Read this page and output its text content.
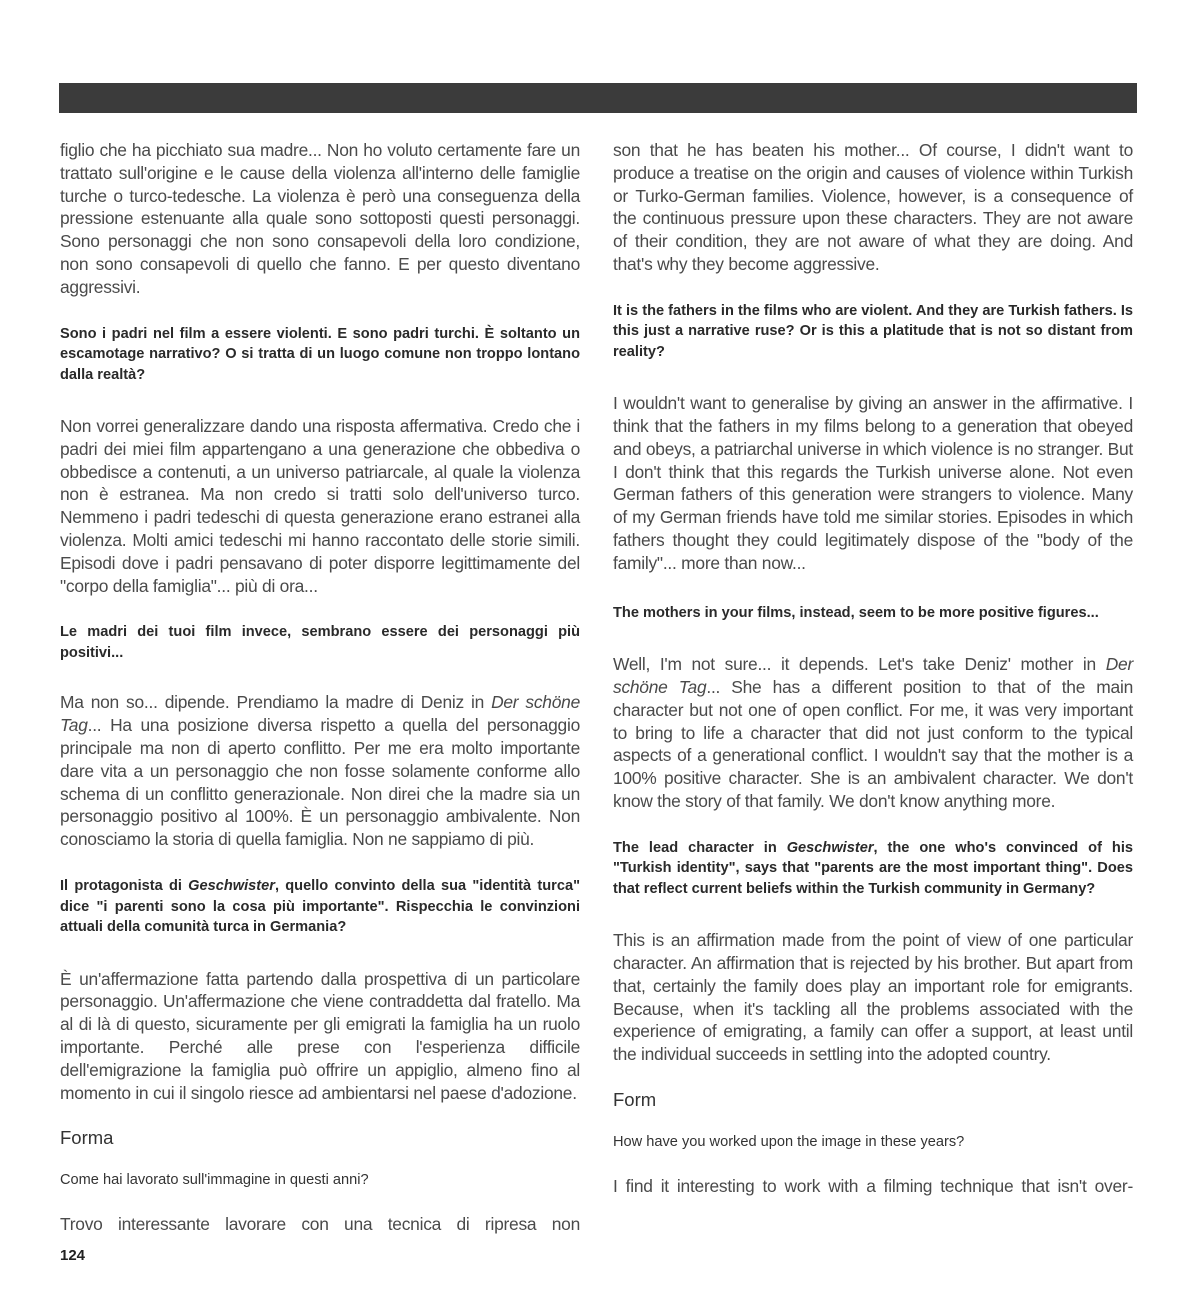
figlio che ha picchiato sua madre... Non ho voluto certamente fare un trattato sull'origine e le cause della violenza all'interno delle famiglie turche o turco-tedesche. La violenza è però una conseguenza della pressione estenuante alla quale sono sottoposti questi personaggi. Sono personaggi che non sono consapevoli della loro condizione, non sono consapevoli di quello che fanno. E per questo diventano aggressivi.

Sono i padri nel film a essere violenti. E sono padri turchi. È soltanto un escamotage narrativo? O si tratta di un luogo comune non troppo lontano dalla realtà?

Non vorrei generalizzare dando una risposta affermativa. Credo che i padri dei miei film appartengano a una generazione che obbediva o obbedisce a contenuti, a un universo patriarcale, al quale la violenza non è estranea. Ma non credo si tratti solo dell'universo turco. Nemmeno i padri tedeschi di questa generazione erano estranei alla violenza. Molti amici tedeschi mi hanno raccontato delle storie simili. Episodi dove i padri pensavano di poter disporre legittimamente del "corpo della famiglia"... più di ora...

Le madri dei tuoi film invece, sembrano essere dei personaggi più positivi...

Ma non so... dipende. Prendiamo la madre di Deniz in Der schöne Tag... Ha una posizione diversa rispetto a quella del personaggio principale ma non di aperto conflitto. Per me era molto importante dare vita a un personaggio che non fosse solamente conforme allo schema di un conflitto generazionale. Non direi che la madre sia un personaggio positivo al 100%. È un personaggio ambivalente. Non conosciamo la storia di quella famiglia. Non ne sappiamo di più.

Il protagonista di Geschwister, quello convinto della sua "identità turca" dice "i parenti sono la cosa più importante". Rispecchia le convinzioni attuali della comunità turca in Germania?

È un'affermazione fatta partendo dalla prospettiva di un particolare personaggio. Un'affermazione che viene contraddetta dal fratello. Ma al di là di questo, sicuramente per gli emigrati la famiglia ha un ruolo importante. Perché alle prese con l'esperienza difficile dell'emigrazione la famiglia può offrire un appiglio, almeno fino al momento in cui il singolo riesce ad ambientarsi nel paese d'adozione.

Forma

Come hai lavorato sull'immagine in questi anni?

Trovo interessante lavorare con una tecnica di ripresa non

son that he has beaten his mother... Of course, I didn't want to produce a treatise on the origin and causes of violence within Turkish or Turko-German families. Violence, however, is a consequence of the continuous pressure upon these characters. They are not aware of their condition, they are not aware of what they are doing. And that's why they become aggressive.

It is the fathers in the films who are violent. And they are Turkish fathers. Is this just a narrative ruse? Or is this a platitude that is not so distant from reality?

I wouldn't want to generalise by giving an answer in the affirmative. I think that the fathers in my films belong to a generation that obeyed and obeys, a patriarchal universe in which violence is no stranger. But I don't think that this regards the Turkish universe alone. Not even German fathers of this generation were strangers to violence. Many of my German friends have told me similar stories. Episodes in which fathers thought they could legitimately dispose of the "body of the family"... more than now...

The mothers in your films, instead, seem to be more positive figures...

Well, I'm not sure... it depends. Let's take Deniz' mother in Der schöne Tag... She has a different position to that of the main character but not one of open conflict. For me, it was very important to bring to life a character that did not just conform to the typical aspects of a generational conflict. I wouldn't say that the mother is a 100% positive character. She is an ambivalent character. We don't know the story of that family. We don't know anything more.

The lead character in Geschwister, the one who's convinced of his "Turkish identity", says that "parents are the most important thing". Does that reflect current beliefs within the Turkish community in Germany?

This is an affirmation made from the point of view of one particular character. An affirmation that is rejected by his brother. But apart from that, certainly the family does play an important role for emigrants. Because, when it's tackling all the problems associated with the experience of emigrating, a family can offer a support, at least until the individual succeeds in settling into the adopted country.

Form

How have you worked upon the image in these years?

I find it interesting to work with a filming technique that isn't over-

124
